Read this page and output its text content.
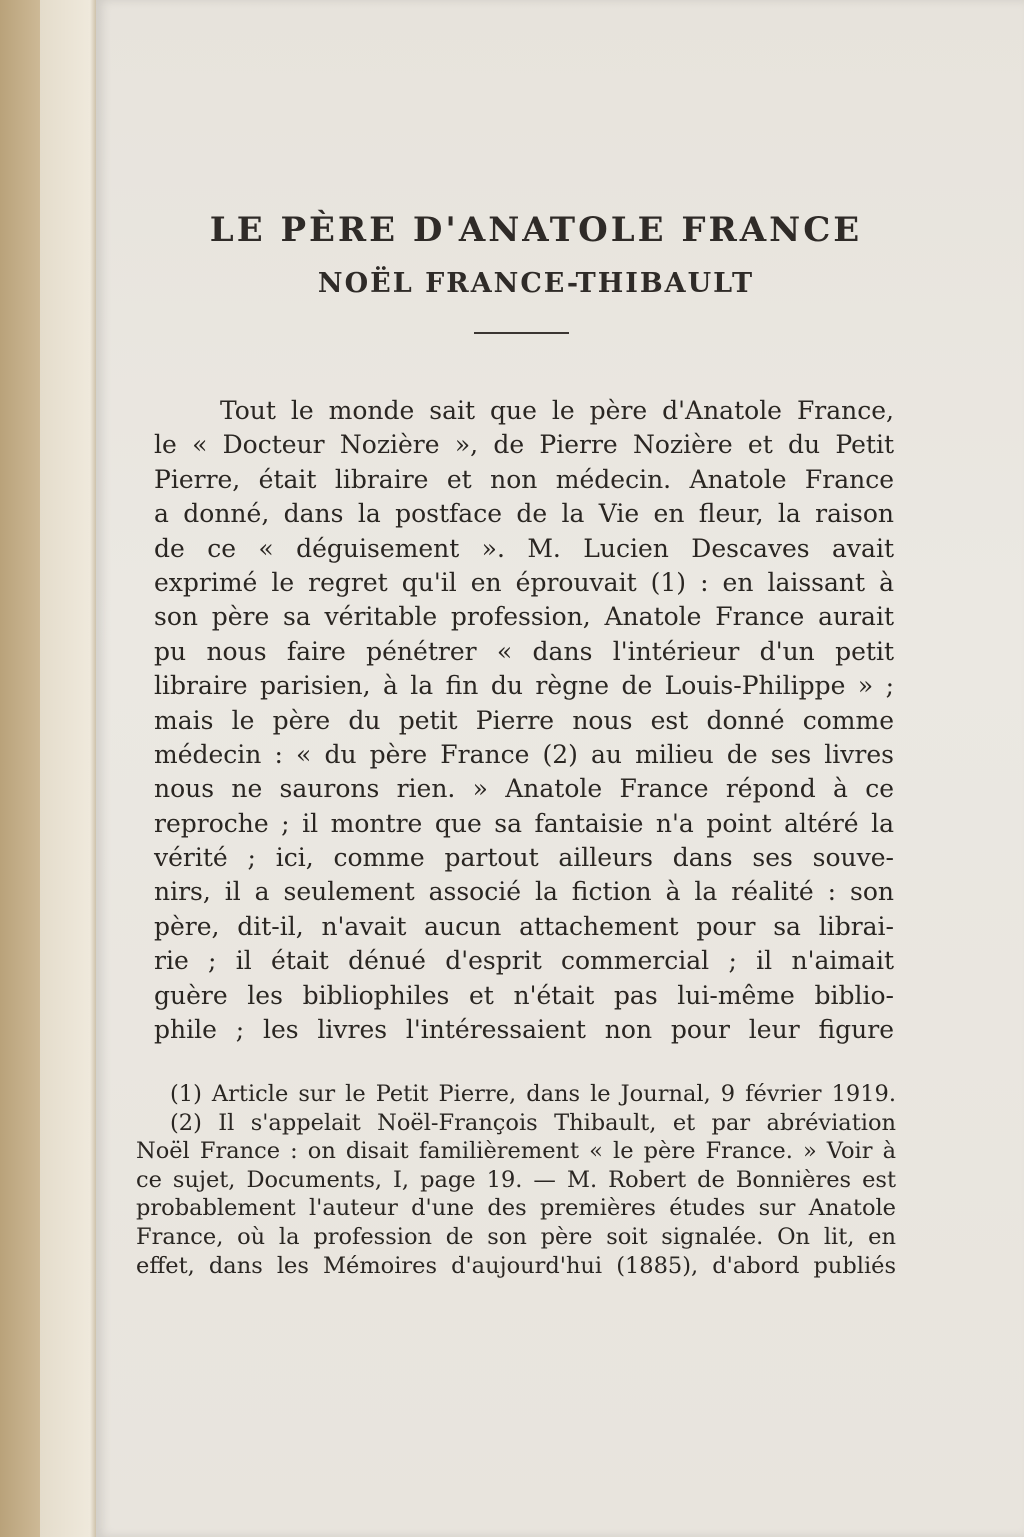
LE PÈRE D'ANATOLE FRANCE
NOËL FRANCE-THIBAULT
Tout le monde sait que le père d'Anatole France,
le « Docteur Nozière », de Pierre Nozière et du Petit
Pierre, était libraire et non médecin. Anatole France
a donné, dans la postface de la Vie en fleur, la raison
de ce « déguisement ». M. Lucien Descaves avait
exprimé le regret qu'il en éprouvait (1) : en laissant à
son père sa véritable profession, Anatole France aurait
pu nous faire pénétrer « dans l'intérieur d'un petit
libraire parisien, à la fin du règne de Louis-Philippe » ;
mais le père du petit Pierre nous est donné comme
médecin : « du père France (2) au milieu de ses livres
nous ne saurons rien. » Anatole France répond à ce
reproche ; il montre que sa fantaisie n'a point altéré la
vérité ; ici, comme partout ailleurs dans ses souve-
nirs, il a seulement associé la fiction à la réalité : son
père, dit-il, n'avait aucun attachement pour sa librai-
rie ; il était dénué d'esprit commercial ; il n'aimait
guère les bibliophiles et n'était pas lui-même biblio-
phile ; les livres l'intéressaient non pour leur figure
(1) Article sur le Petit Pierre, dans le Journal, 9 février 1919.
(2) Il s'appelait Noël-François Thibault, et par abréviation
Noël France : on disait familièrement « le père France. » Voir à
ce sujet, Documents, I, page 19. — M. Robert de Bonnières est
probablement l'auteur d'une des premières études sur Anatole
France, où la profession de son père soit signalée. On lit, en
effet, dans les Mémoires d'aujourd'hui (1885), d'abord publiés
